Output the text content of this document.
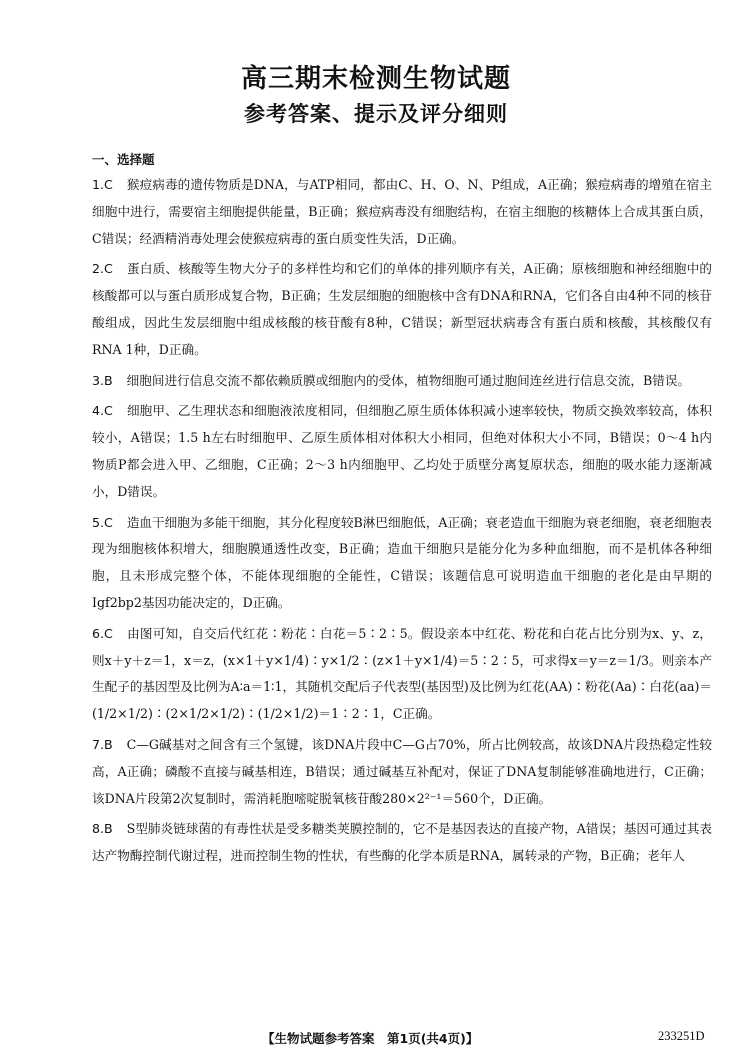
高三期末检测生物试题
参考答案、提示及评分细则
一、选择题
1.C 猴痘病毒的遗传物质是DNA，与ATP相同，都由C、H、O、N、P组成，A正确；猴痘病毒的增殖在宿主细胞中进行，需要宿主细胞提供能量，B正确；猴痘病毒没有细胞结构，在宿主细胞的核糖体上合成其蛋白质，C错误；经酒精消毒处理会使猴痘病毒的蛋白质变性失活，D正确。
2.C 蛋白质、核酸等生物大分子的多样性均和它们的单体的排列顺序有关，A正确；原核细胞和神经细胞中的核酸都可以与蛋白质形成复合物，B正确；生发层细胞的细胞核中含有DNA和RNA，它们各自由4种不同的核苷酸组成，因此生发层细胞中组成核酸的核苷酸有8种，C错误；新型冠状病毒含有蛋白质和核酸，其核酸仅有RNA 1种，D正确。
3.B 细胞间进行信息交流不都依赖质膜或细胞内的受体，植物细胞可通过胞间连丝进行信息交流，B错误。
4.C 细胞甲、乙生理状态和细胞液浓度相同，但细胞乙原生质体体积减小速率较快，物质交换效率较高，体积较小，A错误；1.5 h左右时细胞甲、乙原生质体相对体积大小相同，但绝对体积大小不同，B错误；0～4 h内物质P都会进入甲、乙细胞，C正确；2～3 h内细胞甲、乙均处于质壁分离复原状态，细胞的吸水能力逐渐减小，D错误。
5.C 造血干细胞为多能干细胞，其分化程度较B淋巴细胞低，A正确；衰老造血干细胞为衰老细胞，衰老细胞表现为细胞核体积增大，细胞膜通透性改变，B正确；造血干细胞只是能分化为多种血细胞，而不是机体各种细胞，且未形成完整个体，不能体现细胞的全能性，C错误；该题信息可说明造血干细胞的老化是由早期的Igf2bp2基因功能决定的，D正确。
6.C 由图可知，自交后代红花∶粉花∶白花＝5∶2∶5。假设亲本中红花、粉花和白花占比分别为x、y、z，则x＋y＋z＝1，x＝z，(x×1＋y×1/4)∶y×1/2∶(z×1＋y×1/4)＝5∶2∶5，可求得x＝y＝z＝1/3。则亲本产生配子的基因型及比例为A∶a＝1∶1，其随机交配后子代表型(基因型)及比例为红花(AA)∶粉花(Aa)∶白花(aa)＝(1/2×1/2)∶(2×1/2×1/2)∶(1/2×1/2)＝1∶2∶1，C正确。
7.B C—G碱基对之间含有三个氢键，该DNA片段中C—G占70%，所占比例较高，故该DNA片段热稳定性较高，A正确；磷酸不直接与碱基相连，B错误；通过碱基互补配对，保证了DNA复制能够准确地进行，C正确；该DNA片段第2次复制时，需消耗胞嘧啶脱氧核苷酸280×2²⁻¹＝560个，D正确。
8.B S型肺炎链球菌的有毒性状是受多糖类荚膜控制的，它不是基因表达的直接产物，A错误；基因可通过其表达产物酶控制代谢过程，进而控制生物的性状，有些酶的化学本质是RNA，属转录的产物，B正确；老年人
【生物试题参考答案　第1页(共4页)】	233251D
